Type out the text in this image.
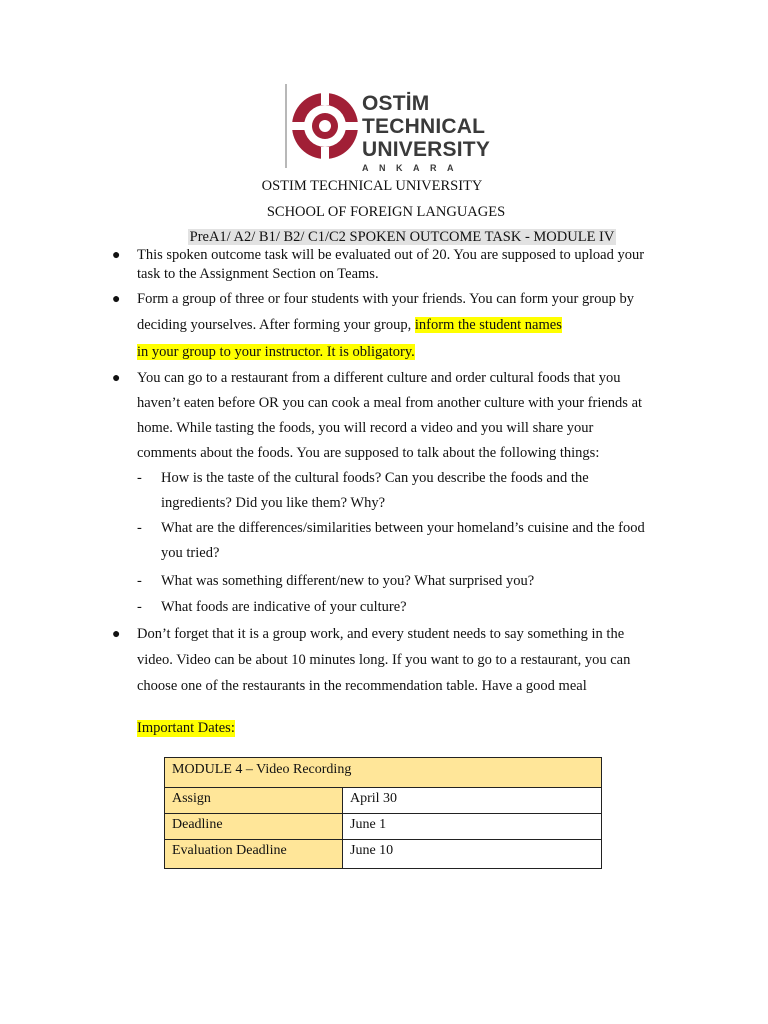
OSTİM
TECHNICAL
UNIVERSITY
ANKARA
OSTIM TECHNICAL UNIVERSITY
SCHOOL OF FOREIGN LANGUAGES
PreA1/ A2/ B1/ B2/ C1/C2 SPOKEN OUTCOME TASK - MODULE IV
● This spoken outcome task will be evaluated out of 20. You are supposed to upload your
task to the Assignment Section on Teams.
● Form a group of three or four students with your friends. You can form your group by
deciding yourselves. After forming your group, inform the student names
in your group to your instructor. It is obligatory.
● You can go to a restaurant from a different culture and order cultural foods that you
haven’t eaten before OR you can cook a meal from another culture with your friends at
home. While tasting the foods, you will record a video and you will share your
comments about the foods. You are supposed to talk about the following things:
- How is the taste of the cultural foods? Can you describe the foods and the
ingredients? Did you like them? Why?
- What are the differences/similarities between your homeland’s cuisine and the food
you tried?
- What was something different/new to you? What surprised you?
- What foods are indicative of your culture?
● Don’t forget that it is a group work, and every student needs to say something in the
video. Video can be about 10 minutes long. If you want to go to a restaurant, you can
choose one of the restaurants in the recommendation table. Have a good meal
Important Dates:
MODULE 4 – Video Recording	
Assign	April 30
Deadline	June 1
Evaluation Deadline	June 10
